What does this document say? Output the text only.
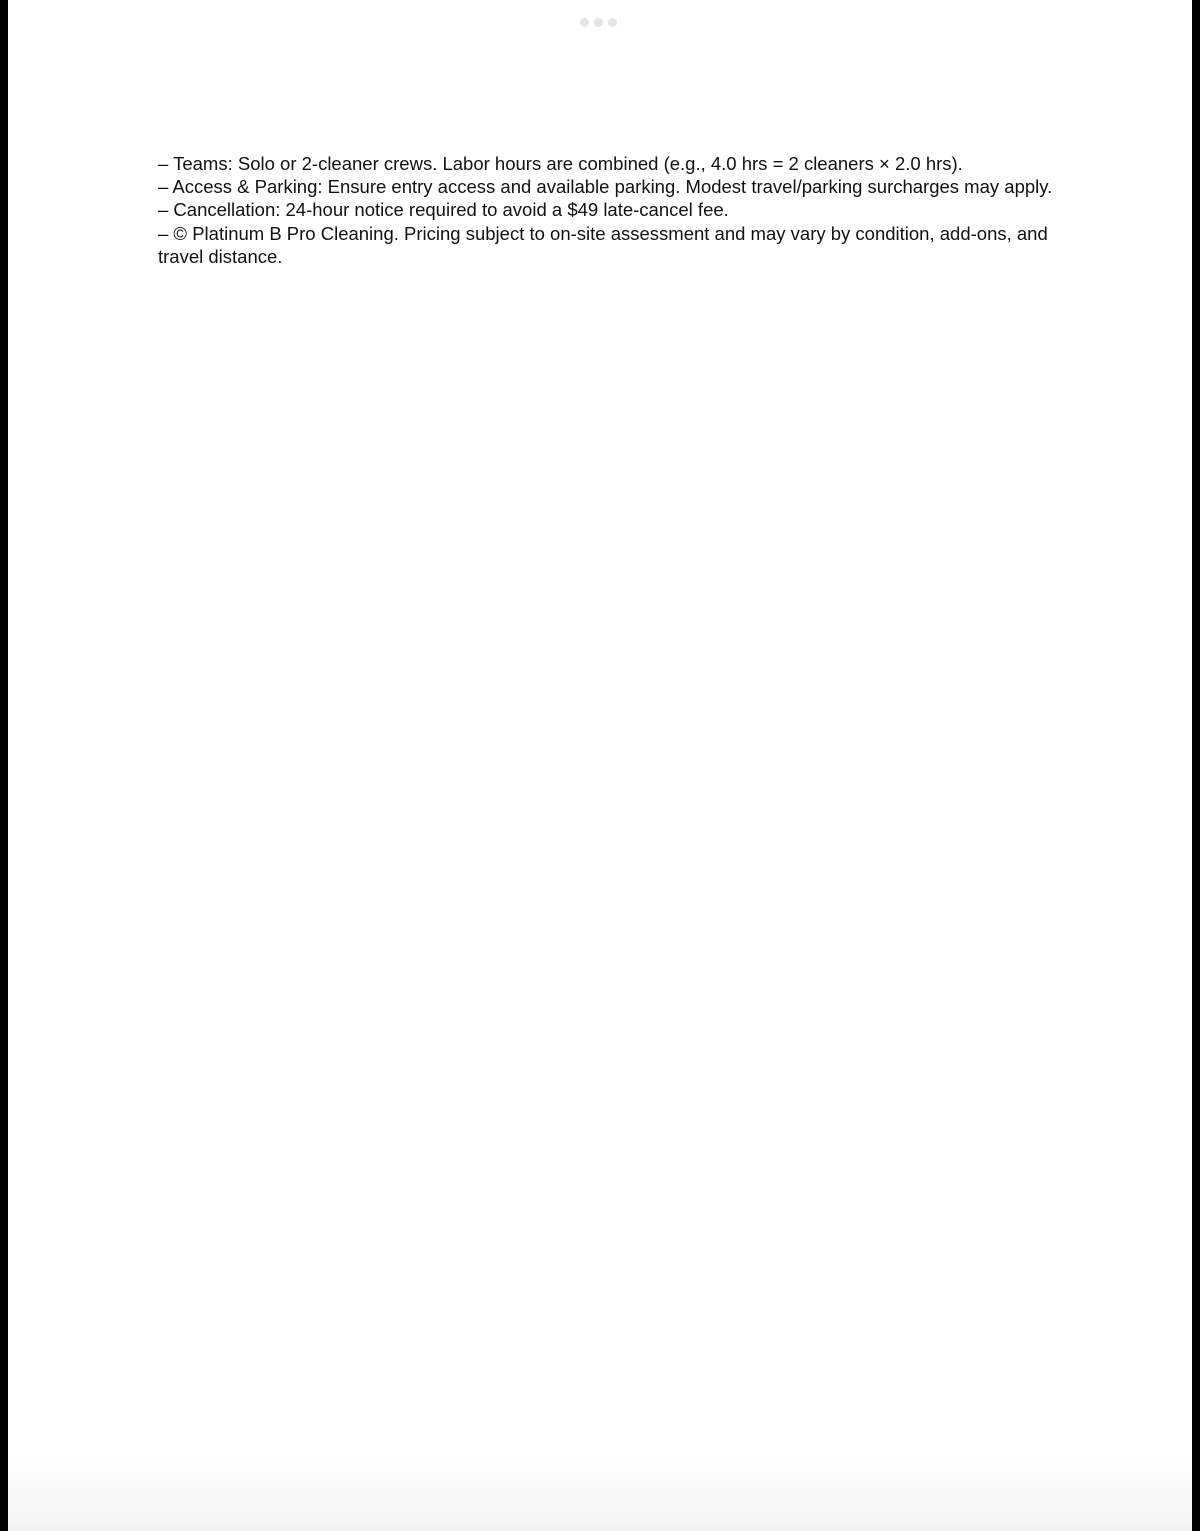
– Teams: Solo or 2-cleaner crews. Labor hours are combined (e.g., 4.0 hrs = 2 cleaners × 2.0 hrs).

– Access & Parking: Ensure entry access and available parking. Modest travel/parking surcharges may apply.

– Cancellation: 24-hour notice required to avoid a $49 late-cancel fee.

– © Platinum B Pro Cleaning. Pricing subject to on-site assessment and may vary by condition, add-ons, and travel distance.
